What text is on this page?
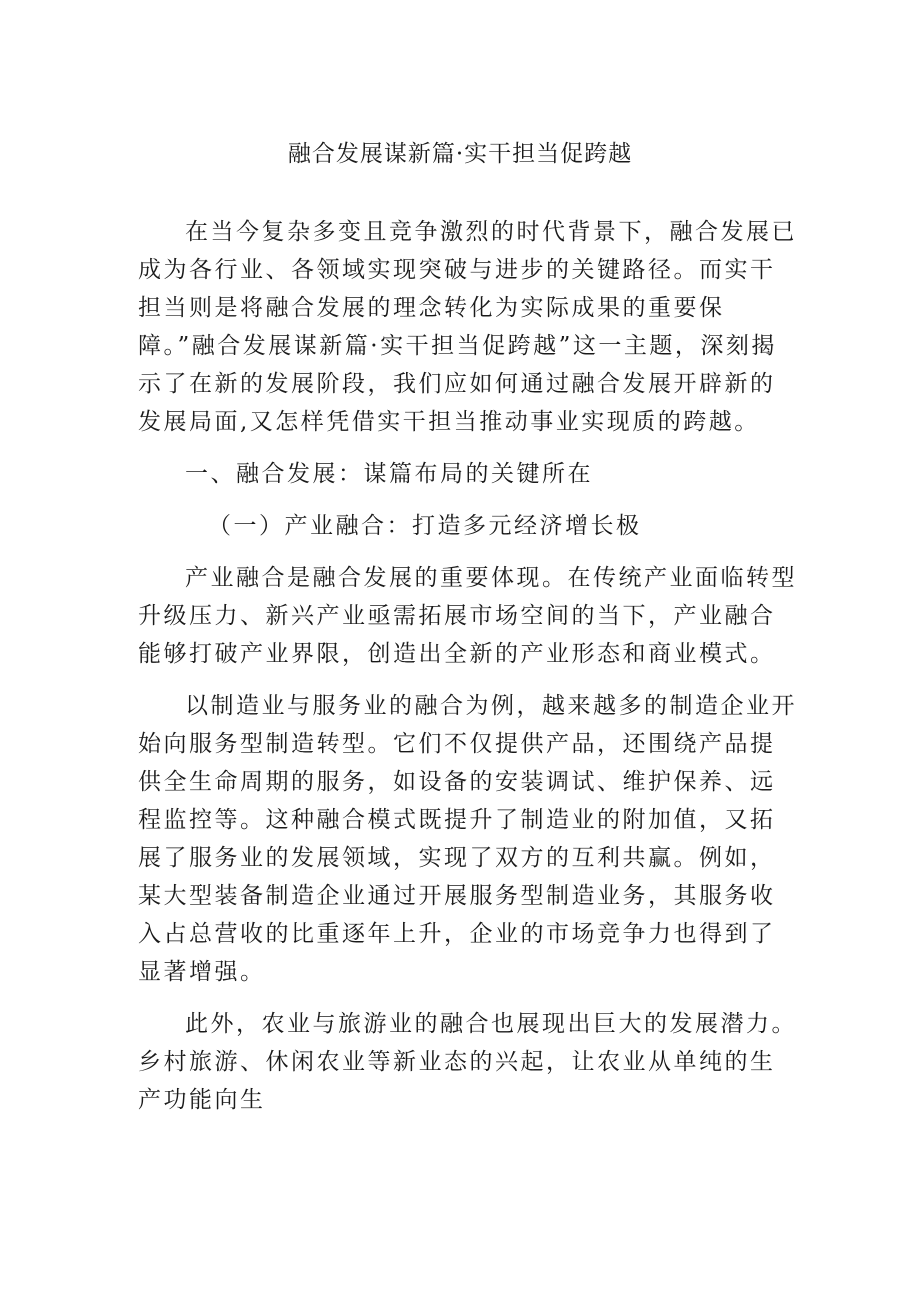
融合发展谋新篇·实干担当促跨越

在当今复杂多变且竞争激烈的时代背景下，融合发展已成为各行业、各领域实现突破与进步的关键路径。而实干担当则是将融合发展的理念转化为实际成果的重要保障。”融合发展谋新篇·实干担当促跨越”这一主题，深刻揭示了在新的发展阶段，我们应如何通过融合发展开辟新的发展局面,又怎样凭借实干担当推动事业实现质的跨越。

一、融合发展：谋篇布局的关键所在

（一）产业融合：打造多元经济增长极

产业融合是融合发展的重要体现。在传统产业面临转型升级压力、新兴产业亟需拓展市场空间的当下，产业融合能够打破产业界限，创造出全新的产业形态和商业模式。

以制造业与服务业的融合为例，越来越多的制造企业开始向服务型制造转型。它们不仅提供产品，还围绕产品提供全生命周期的服务，如设备的安装调试、维护保养、远程监控等。这种融合模式既提升了制造业的附加值，又拓展了服务业的发展领域，实现了双方的互利共赢。例如，某大型装备制造企业通过开展服务型制造业务，其服务收入占总营收的比重逐年上升，企业的市场竞争力也得到了显著增强。

此外，农业与旅游业的融合也展现出巨大的发展潜力。乡村旅游、休闲农业等新业态的兴起，让农业从单纯的生产功能向生
